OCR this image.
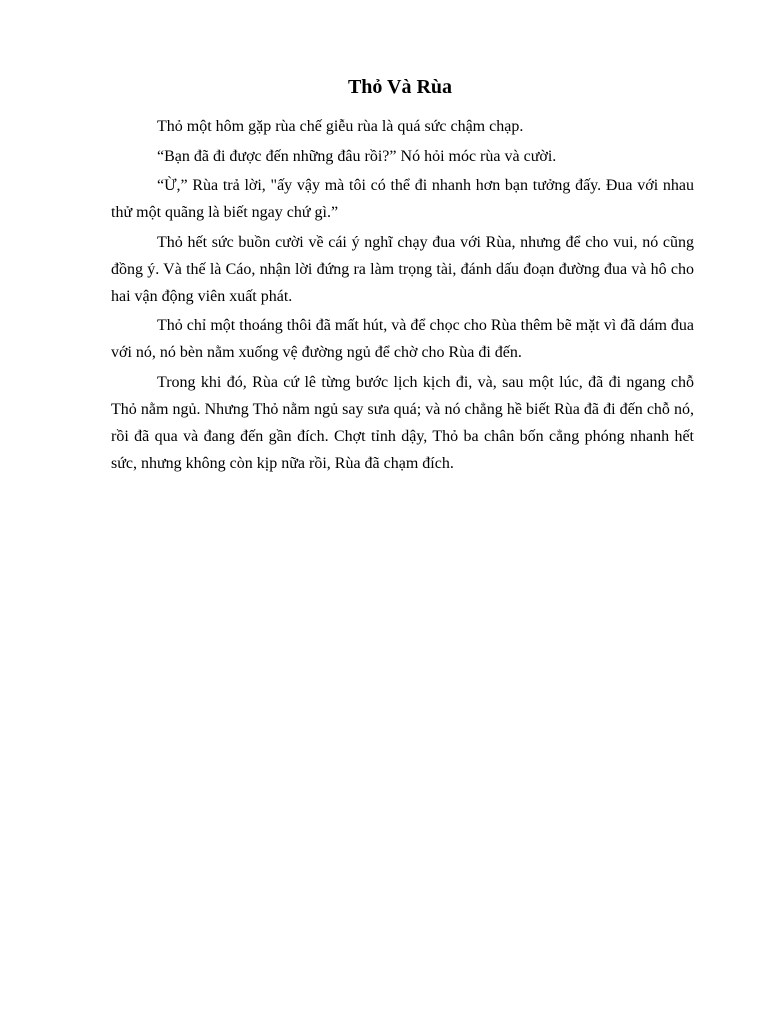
Thỏ Và Rùa

Thỏ một hôm gặp rùa chế giễu rùa là quá sức chậm chạp.

“Bạn đã đi được đến những đâu rồi?” Nó hỏi móc rùa và cười.

“Ừ,” Rùa trả lời, "ấy vậy mà tôi có thể đi nhanh hơn bạn tưởng đấy. Đua với nhau thử một quãng là biết ngay chứ gì.”

Thỏ hết sức buồn cười về cái ý nghĩ chạy đua với Rùa, nhưng để cho vui, nó cũng đồng ý. Và thế là Cáo, nhận lời đứng ra làm trọng tài, đánh dấu đoạn đường đua và hô cho hai vận động viên xuất phát.

Thỏ chỉ một thoáng thôi đã mất hút, và để chọc cho Rùa thêm bẽ mặt vì đã dám đua với nó, nó bèn nằm xuống vệ đường ngủ để chờ cho Rùa đi đến.

Trong khi đó, Rùa cứ lê từng bước lịch kịch đi, và, sau một lúc, đã đi ngang chỗ Thỏ nằm ngủ. Nhưng Thỏ nằm ngủ say sưa quá; và nó chẳng hề biết Rùa đã đi đến chỗ nó, rồi đã qua và đang đến gần đích. Chợt tỉnh dậy, Thỏ ba chân bốn cẳng phóng nhanh hết sức, nhưng không còn kịp nữa rồi, Rùa đã chạm đích.
